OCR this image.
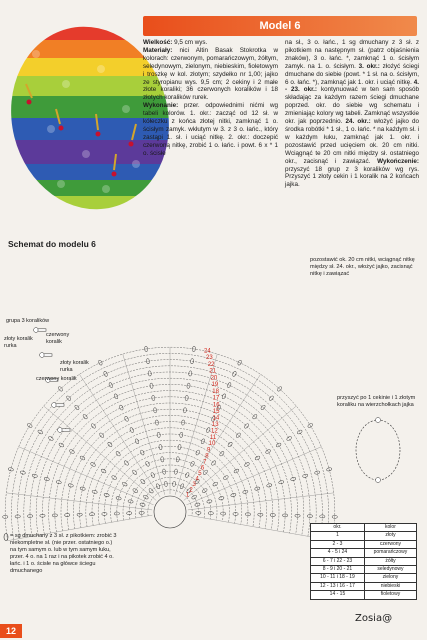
Model 6
Wielkość: 9,5 cm wys.
Materiały: nici Altin Basak Stokrotka w kolorach: czerwonym, pomarańczowym, żółtym, seledynowym, zielonym, niebieskim, fioletowym i troszkę w kol. złotym; szydełko nr 1,00; jajko ze styropianu wys. 9,5 cm; 2 cekiny i 2 małe złote koraliki; 36 czerwonych koralików i 18 złotych koralików rurek.
Wykonanie: przer. odpowiednimi nićmi wg tabeli kolorów. 1. okr.: zacząć od 12 sł. w kółeczku z końca złotej nitki, zamknąć 1 o. ścisłym zamyk. wkłutym w 3. z 3 o. łańc., który zastąpi 1. sł. i uciąć nitkę. 2. okr.: doczepić czerwoną nitkę, zrobić 1 o. łańc. i powt. 6 x * 1 o. ścisłe
na sł., 3 o. łańc., 1 sg dmuchany z 3 sł. z pikotkiem na następnym sł. (patrz objaśnienia znaków), 3 o. łańc. *, zamknąć 1 o. ścisłym zamyk. na 1. o. ścisłym. 3. okr.: złożyć ściegi dmuchane do siebie (powt. * 1 sł. na o. ścisłym, 6 o. łańc. *), zamknąć jak 1. okr. i uciąć nitkę. 4. - 23. okr.: kontynuować w ten sam sposób składając za każdym razem ściegi dmuchane poprzed. okr. do siebie wg schematu i zmieniając kolory wg tabeli. Zamknąć wszystkie okr. jak poprzednio. 24. okr.: włożyć jajko do środka robótki * 1 sł., 1 o. łańc. * na każdym sł. i w każdym łuku, zamknąć jak 1. okr. i pozostawić przed ucięciem ok. 20 cm nitki. Wciągnąć te 20 cm nitki między sł. ostatniego okr., zacisnąć i zawiązać. Wykończenie: przyszyć 18 grup z 3 koralików wg rys. Przyszyć 1 złoty cekin i 1 koralik na 2 końcach jajka.
Schemat do modelu 6
24
23
22
21
20
19
18
17
16
15
14
13
12
11
10
9
8
7
6
5
4
3
2
1
grupa 3 koralików
złoty koralik rurka
czerwony koralik
złoty koralik rurka
czerwony koralik
pozostawić ok. 20 cm nitki, wciągnąć nitkę między sł. 24. okr., włożyć jajko, zacisnąć nitkę i zawiązać
przyszyć po 1 cekinie i 1 złotym koraliku na wierzchołkach jajka
= sg dmuchany z 3 sł. z pikotkiem: zrobić 3 niekompletne sł. (nie przer. ostatniego o.) na tym samym o. lub w tym samym łuku, przer. 4 o. na 1 raz i na pikotek zrobić 4 o. łańc. i 1 o. ścisłe na główce ściegu dmuchanego
okr.	kolor
1	złoty
2 - 3	czerwony
4 - 5 i 24	pomarańczowy
6 - 7 i 22 - 23	żółty
8 - 9 i 20 - 21	seledynowy
10 - 11 i 18 - 19	zielony
12 - 13 i 16 - 17	niebieski
14 - 15	fioletowy
12
Zosia@
